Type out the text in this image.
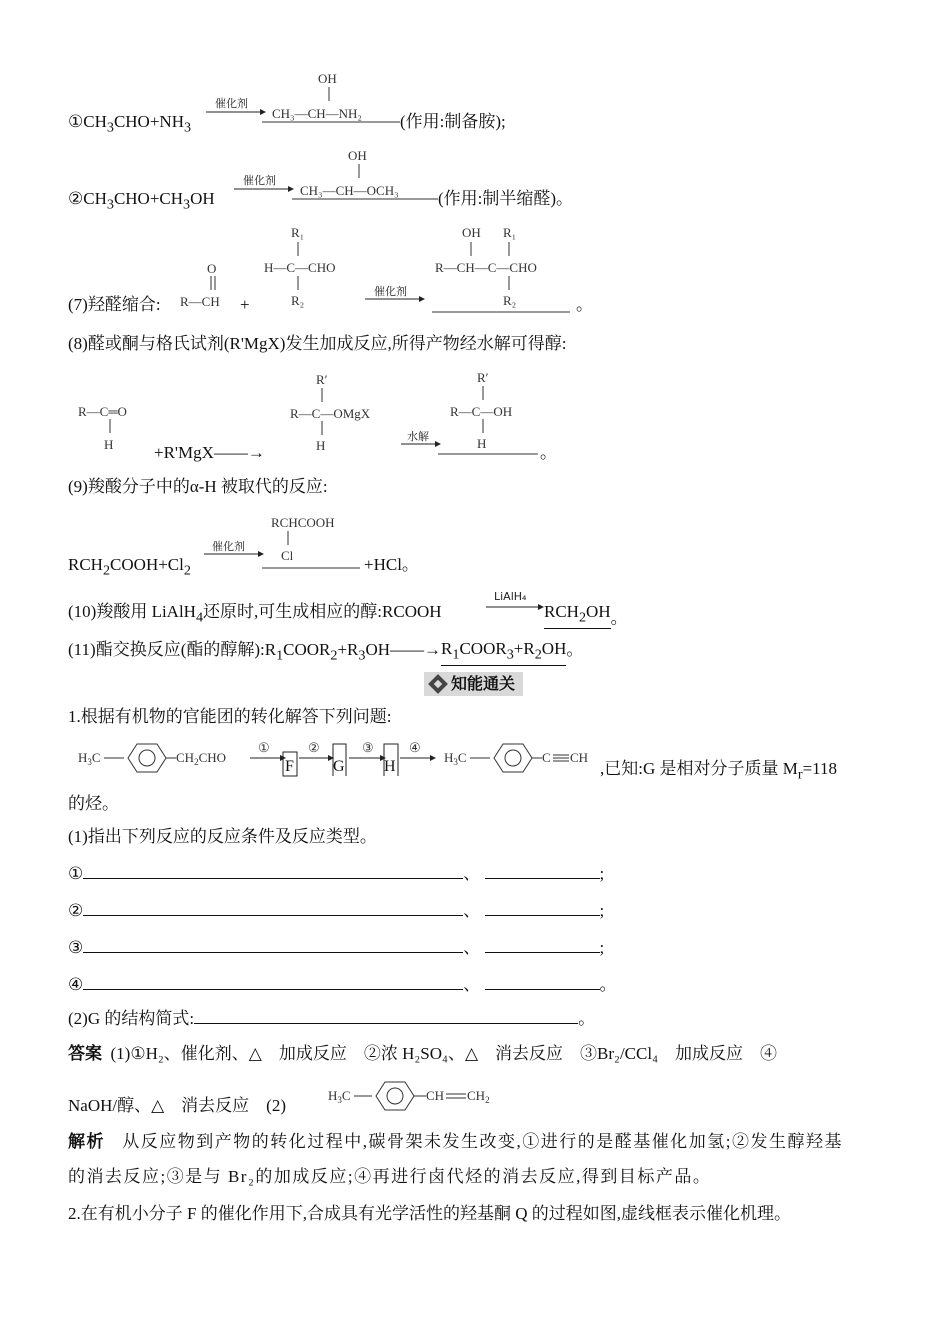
$①CH_3CHO+NH_3$
催化剂
OH
CH₃—CH—NH₂ (作用:制备胺);
$②CH_3CHO+CH_3OH$
催化剂
OH
CH₃—CH—OCH₃ (作用:制半缩醛)。
(7)羟醛缩合:
O
R—CH +
R₁
H—C—CHO
R₂
催化剂
OH R₁
R—CH—C—CHO
R₂	。
(8)醛或酮与格氏试剂(R'MgX)发生加成反应,所得产物经水解可得醇:
R—C═O
H +R'MgX——→
R′
R—C—OMgX
H
水解
R′
R—C—OH
H	。
(9)羧酸分子中的α-H 被取代的反应:
RCHCOOH
Cl
$RCH_2COOH+Cl_2$
催化剂
+HCl。
(10)羧酸用 LiAlH$_4$还原时,可生成相应的醇:RCOOH
LiAlH₄
$RCH_2OH$。
(11)酯交换反应(酯的醇解)$:R_1COOR_2+R_3OH——\to R_1COOR_3+R_2OH$。
知能通关
1.根据有机物的官能团的转化解答下列问题:
$H_3C$	$CH_2CHO$
①
F
②
G
③
H
④
$H_3C$	C CH
,已知:G 是相对分子质量 $M_r=118$
的烃。
(1)指出下列反应的反应条件及反应类型。
①	、	;
②	、	;
③	、	;
④	、	。
(2)G 的结构简式:	。
答案 (1)①H₂、催化剂、△　加成反应　②浓 H₂SO₄、△　消去反应　③Br₂/CCl₄　加成反应　④
NaOH/醇、△　消去反应　(2)
$H_3C$	CH $CH_2$
解析 从反应物到产物的转化过程中,碳骨架未发生改变,①进行的是醛基催化加氢;②发生醇羟基
的消去反应;③是与 Br₂的加成反应;④再进行卤代烃的消去反应,得到目标产品。
2.在有机小分子 F 的催化作用下,合成具有光学活性的羟基酮 Q 的过程如图,虚线框表示催化机理。
